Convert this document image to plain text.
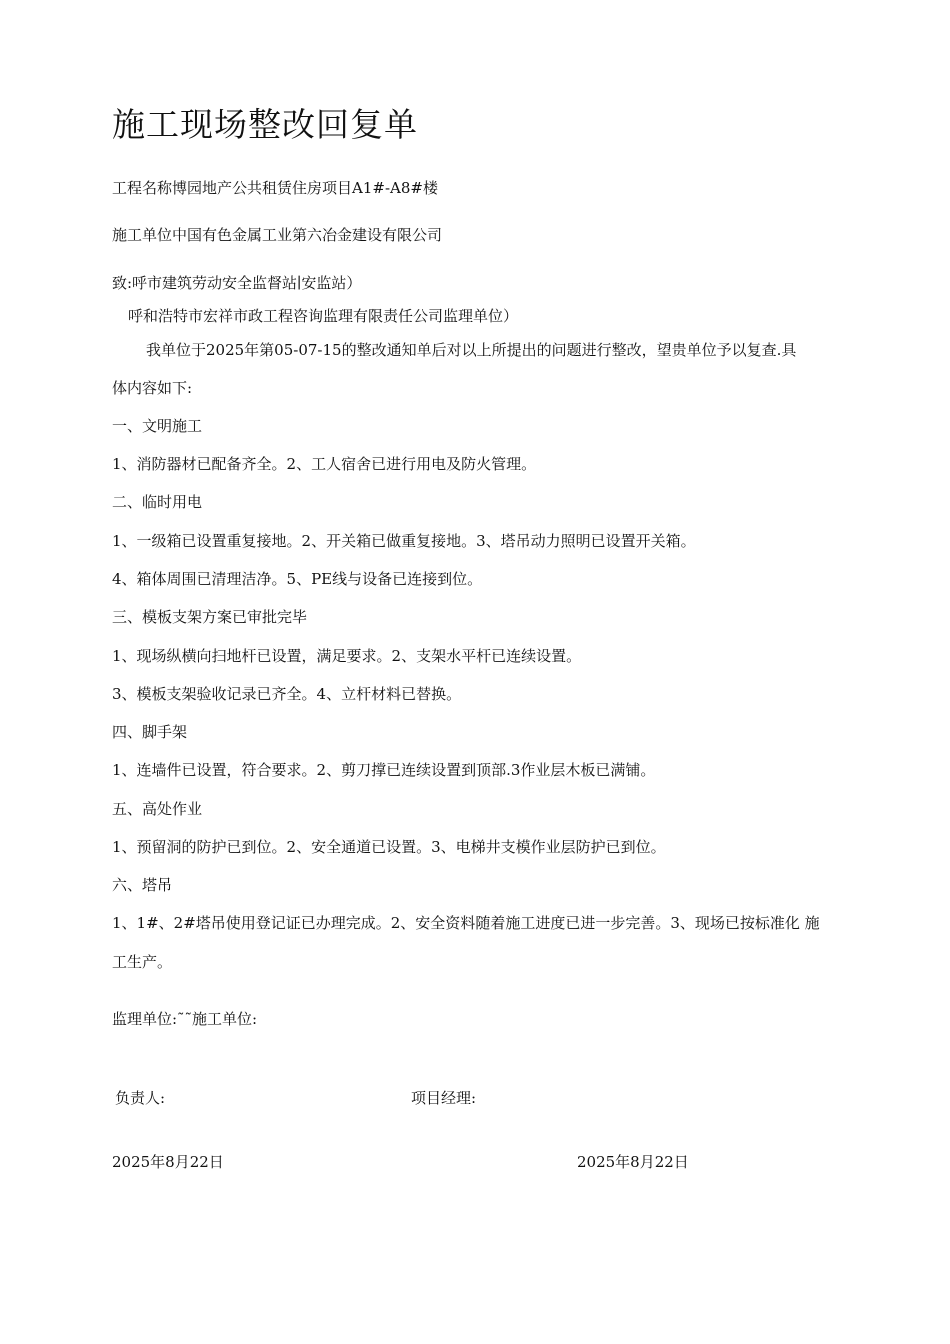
施工现场整改回复单
工程名称博园地产公共租赁住房项目A1#-A8#楼
施工单位中国有色金属工业第六冶金建设有限公司
致:呼市建筑劳动安全监督站∣安监站）
呼和浩特市宏祥市政工程咨询监理有限责任公司监理单位）
我单位于2025年第05-07-15的整改通知单后对以上所提出的问题进行整改，望贵单位予以复查.具
体内容如下:
一、文明施工
1、消防器材已配备齐全。2、工人宿舍已进行用电及防火管理。
二、临时用电
1、一级箱已设置重复接地。2、开关箱已做重复接地。3、塔吊动力照明已设置开关箱。
4、箱体周围已清理洁净。5、PE线与设备已连接到位。
三、模板支架方案已审批完毕
1、现场纵横向扫地杆已设置，满足要求。2、支架水平杆已连续设置。
3、模板支架验收记录已齐全。4、立杆材料已替换。
四、脚手架
1、连墙件已设置，符合要求。2、剪刀撑已连续设置到顶部.3作业层木板已满铺。
五、高处作业
1、预留洞的防护已到位。2、安全通道已设置。3、电梯井支模作业层防护已到位。
六、塔吊
1、1#、2#塔吊使用登记证已办理完成。2、安全资料随着施工进度已进一步完善。3、现场已按标准化 施
工生产。
监理单位:˜˜施工单位:
负责人:	项目经理:
2025年8月22日	2025年8月22日
